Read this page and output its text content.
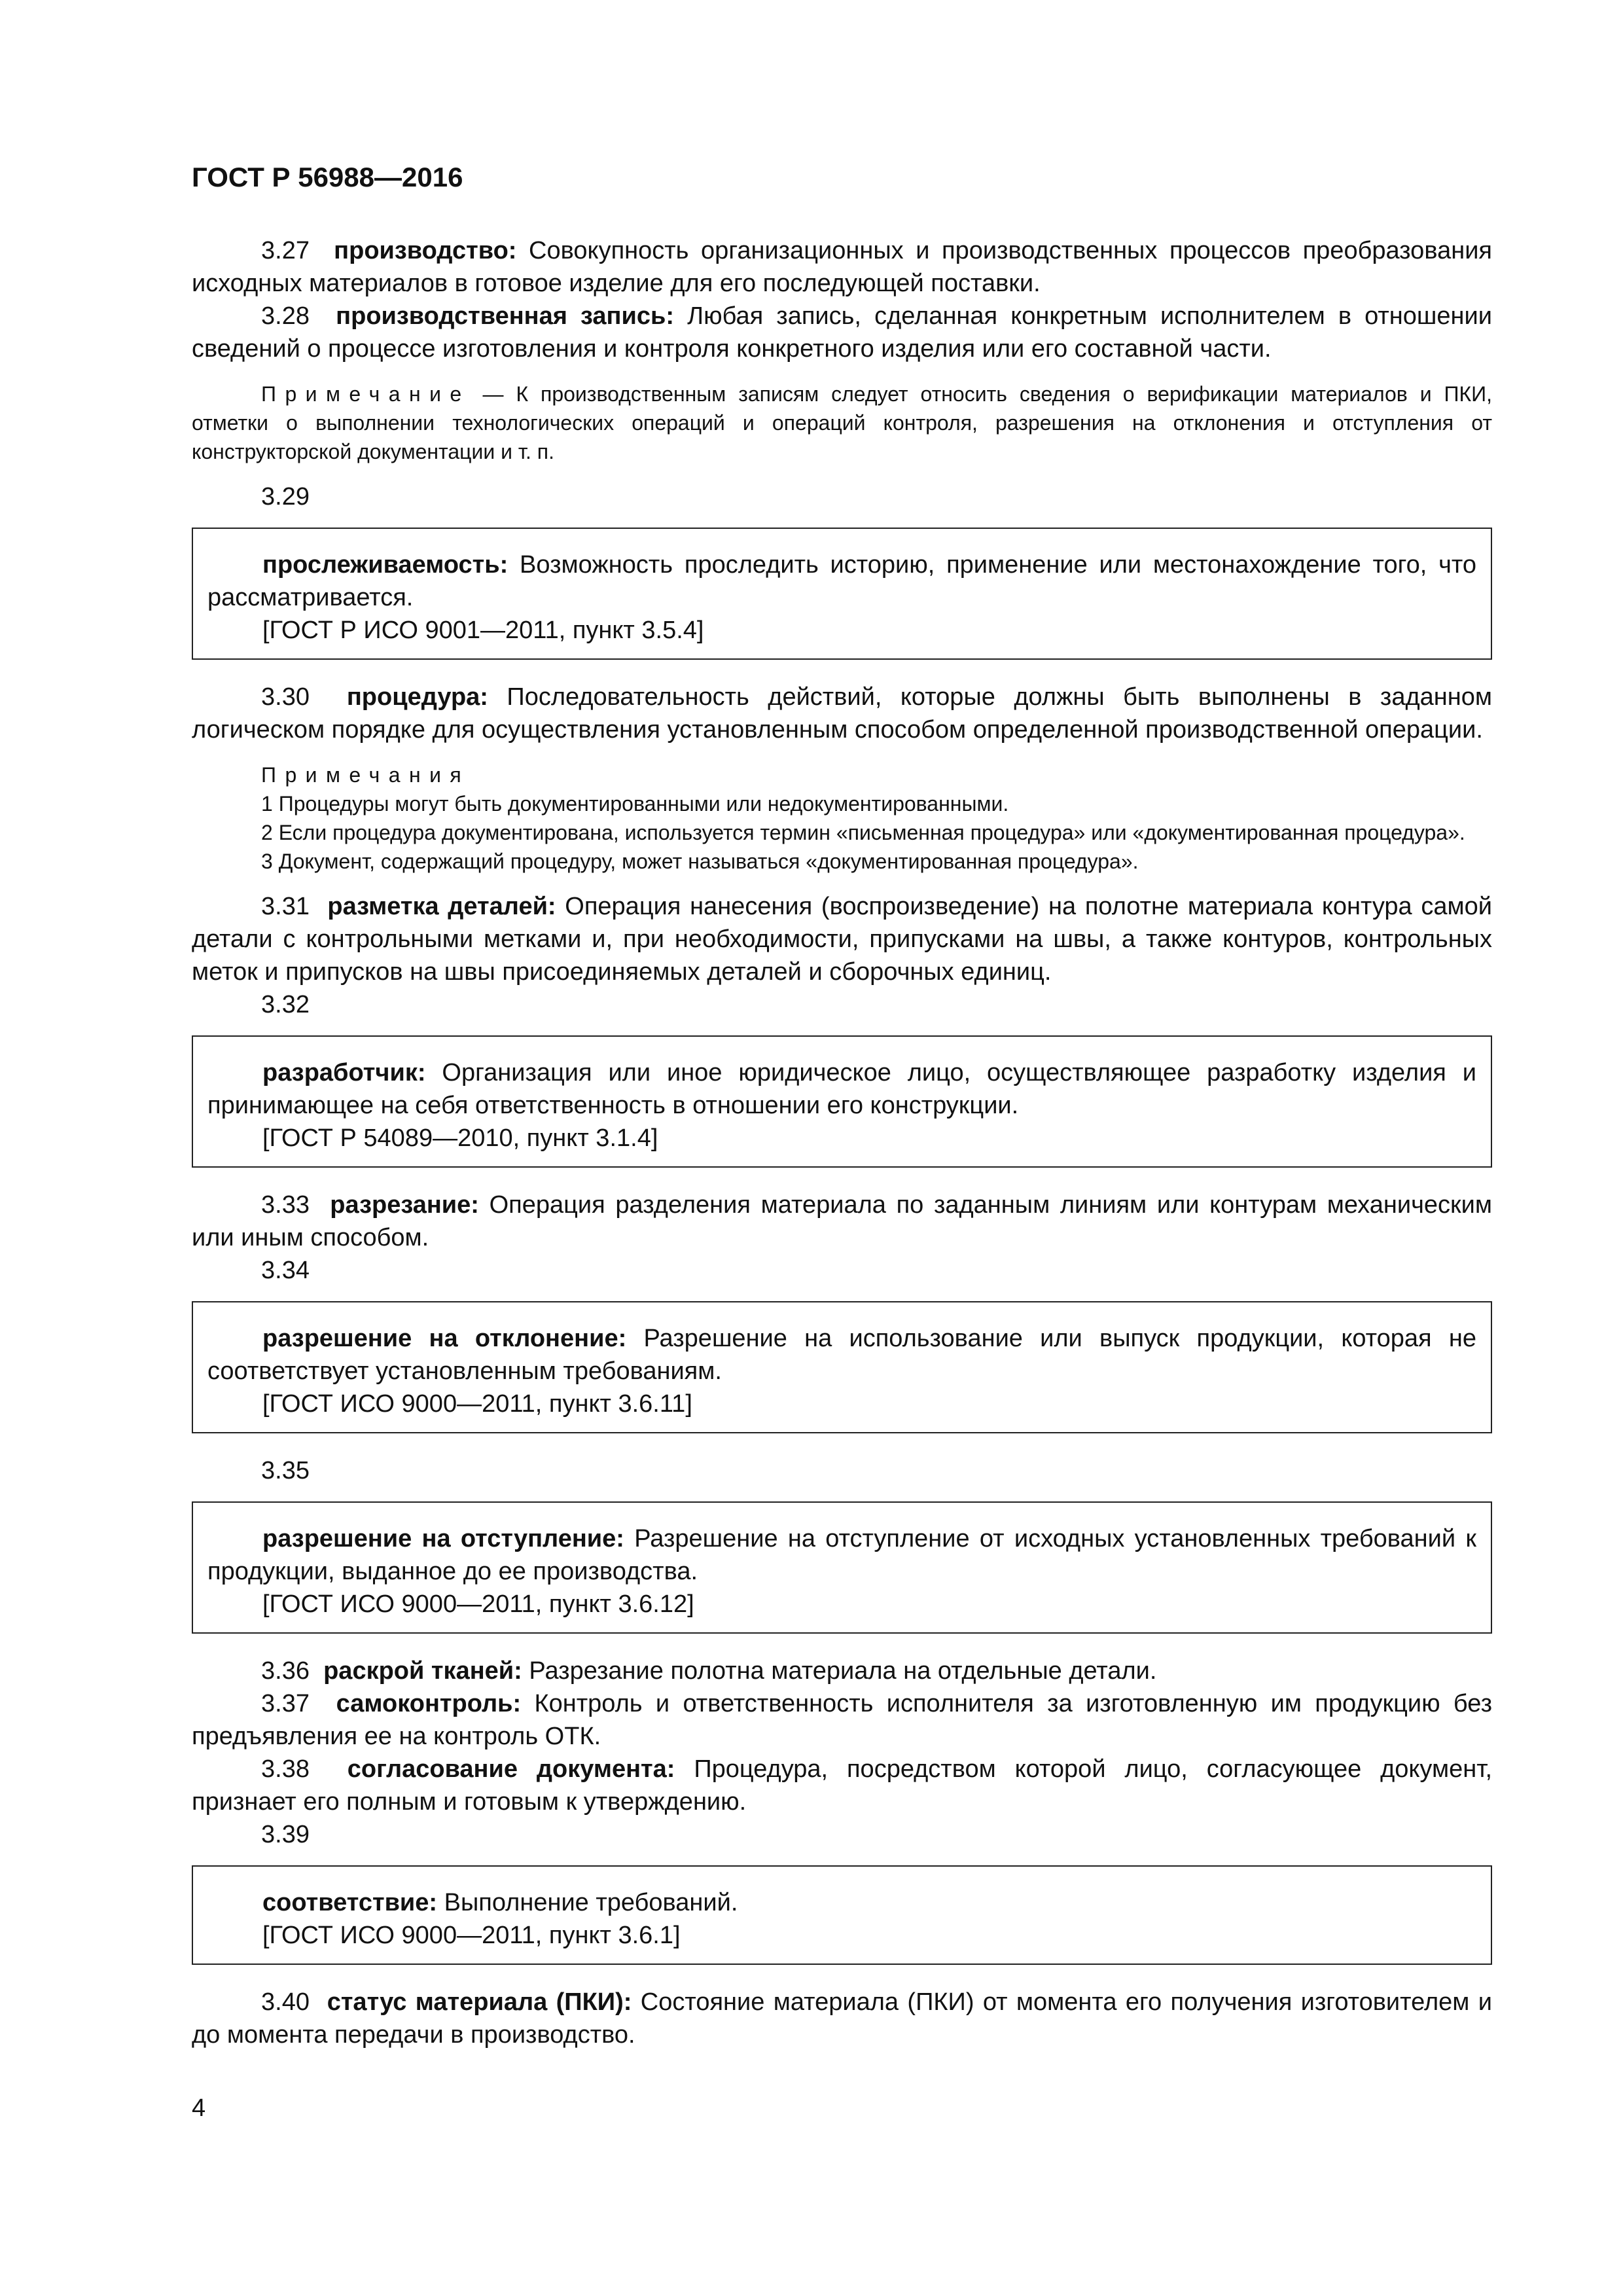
ГОСТ Р 56988—2016

3.27 производство: Совокупность организационных и производственных процессов преобразования исходных материалов в готовое изделие для его последующей поставки.

3.28 производственная запись: Любая запись, сделанная конкретным исполнителем в отношении сведений о процессе изготовления и контроля конкретного изделия или его составной части.

Примечание — К производственным записям следует относить сведения о верификации материалов и ПКИ, отметки о выполнении технологических операций и операций контроля, разрешения на отклонения и отступления от конструкторской документации и т. п.

3.29

прослеживаемость: Возможность проследить историю, применение или местонахождение того, что рассматривается.

[ГОСТ Р ИСО 9001—2011, пункт 3.5.4]

3.30 процедура: Последовательность действий, которые должны быть выполнены в заданном логическом порядке для осуществления установленным способом определенной производственной операции.

Примечания

1 Процедуры могут быть документированными или недокументированными.

2 Если процедура документирована, используется термин «письменная процедура» или «документированная процедура».

3 Документ, содержащий процедуру, может называться «документированная процедура».

3.31 разметка деталей: Операция нанесения (воспроизведение) на полотне материала контура самой детали с контрольными метками и, при необходимости, припусками на швы, а также контуров, контрольных меток и припусков на швы присоединяемых деталей и сборочных единиц.

3.32

разработчик: Организация или иное юридическое лицо, осуществляющее разработку изделия и принимающее на себя ответственность в отношении его конструкции.

[ГОСТ Р 54089—2010, пункт 3.1.4]

3.33 разрезание: Операция разделения материала по заданным линиям или контурам механическим или иным способом.

3.34

разрешение на отклонение: Разрешение на использование или выпуск продукции, которая не соответствует установленным требованиям.

[ГОСТ ИСО 9000—2011, пункт 3.6.11]

3.35

разрешение на отступление: Разрешение на отступление от исходных установленных требований к продукции, выданное до ее производства.

[ГОСТ ИСО 9000—2011, пункт 3.6.12]

3.36 раскрой тканей: Разрезание полотна материала на отдельные детали.

3.37 самоконтроль: Контроль и ответственность исполнителя за изготовленную им продукцию без предъявления ее на контроль ОТК.

3.38 согласование документа: Процедура, посредством которой лицо, согласующее документ, признает его полным и готовым к утверждению.

3.39

соответствие: Выполнение требований.

[ГОСТ ИСО 9000—2011, пункт 3.6.1]

3.40 статус материала (ПКИ): Состояние материала (ПКИ) от момента его получения изготовителем и до момента передачи в производство.

4
